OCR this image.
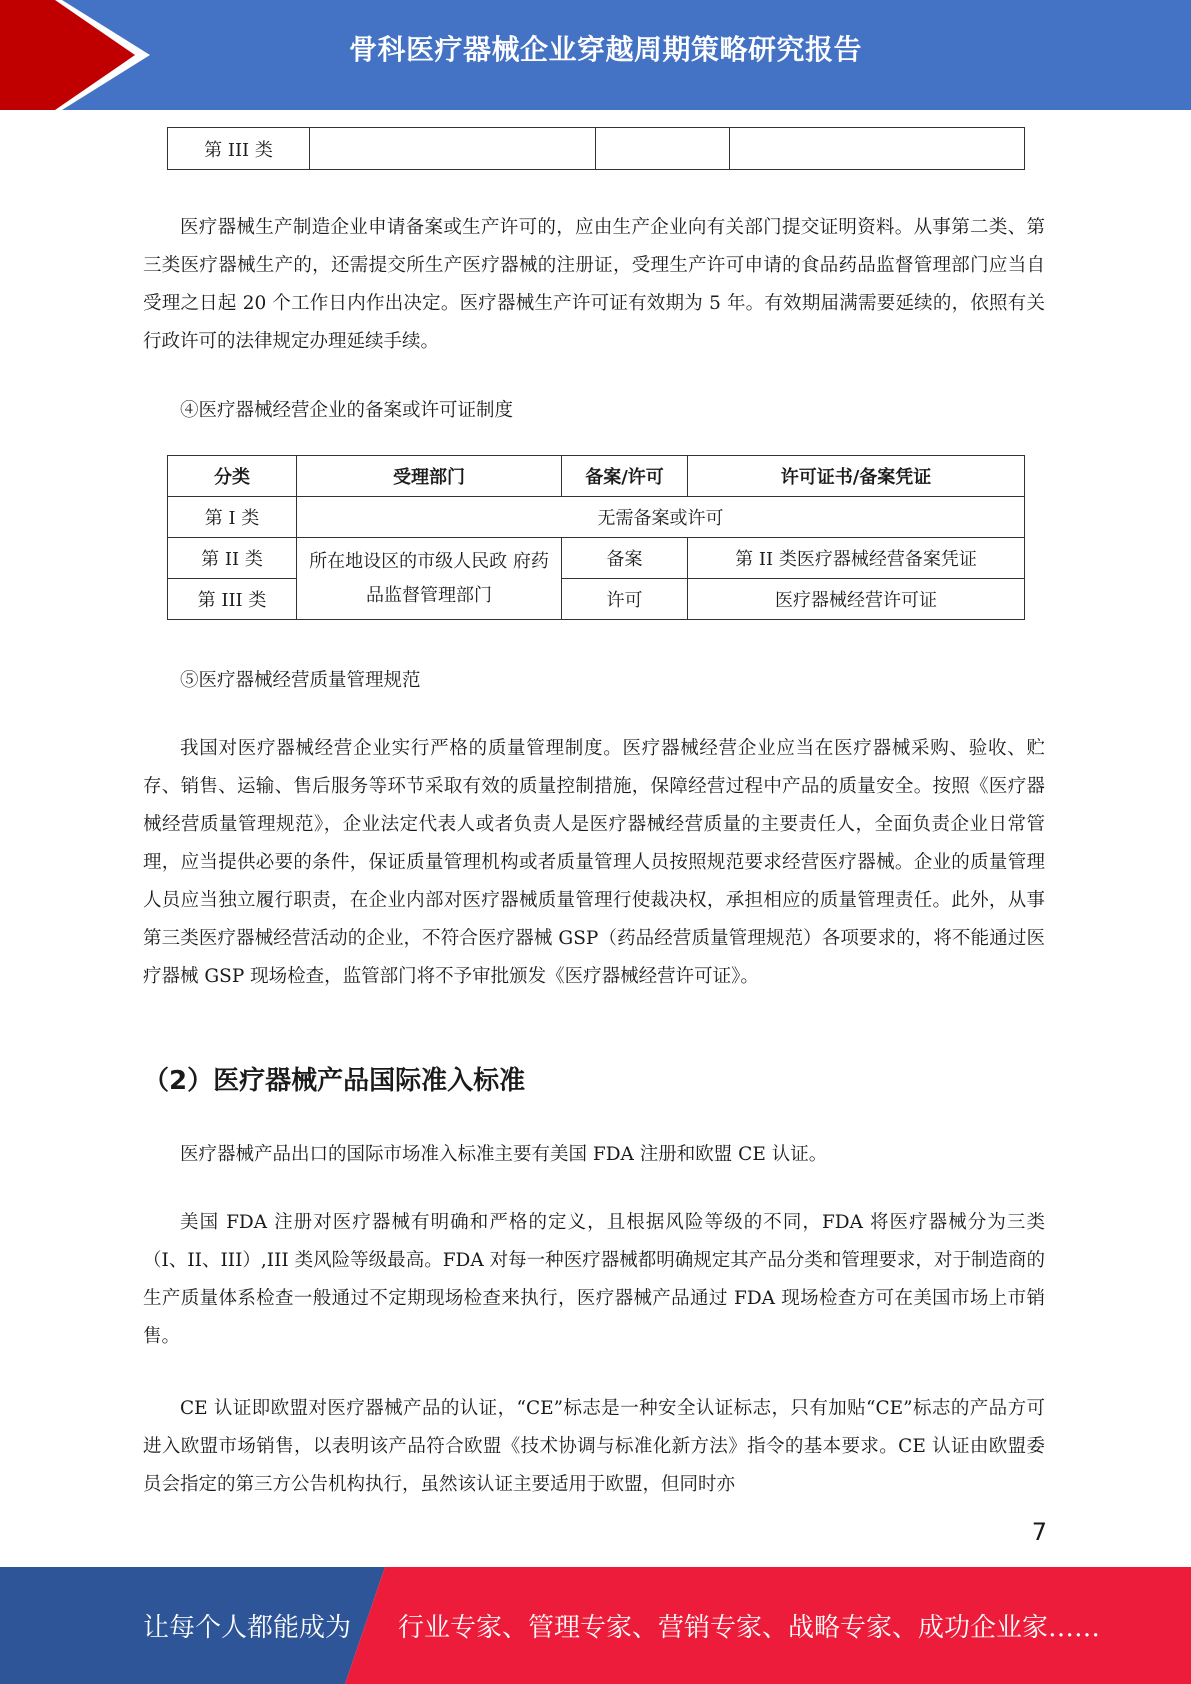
骨科医疗器械企业穿越周期策略研究报告
第 III 类			

医疗器械生产制造企业申请备案或生产许可的，应由生产企业向有关部门提交证明资料。从事第二类、第三类医疗器械生产的，还需提交所生产医疗器械的注册证，受理生产许可申请的食品药品监督管理部门应当自受理之日起 20 个工作日内作出决定。医疗器械生产许可证有效期为 5 年。有效期届满需要延续的，依照有关行政许可的法律规定办理延续手续。

④医疗器械经营企业的备案或许可证制度

分类	受理部门	备案/许可	许可证书/备案凭证
第 I 类	无需备案或许可		
第 II 类	所在地设区的市级人民政 府药品监督管理部门	备案	第 II 类医疗器械经营备案凭证
第 III 类		许可	医疗器械经营许可证

⑤医疗器械经营质量管理规范

我国对医疗器械经营企业实行严格的质量管理制度。医疗器械经营企业应当在医疗器械采购、验收、贮存、销售、运输、售后服务等环节采取有效的质量控制措施，保障经营过程中产品的质量安全。按照《医疗器械经营质量管理规范》，企业法定代表人或者负责人是医疗器械经营质量的主要责任人，全面负责企业日常管理，应当提供必要的条件，保证质量管理机构或者质量管理人员按照规范要求经营医疗器械。企业的质量管理人员应当独立履行职责，在企业内部对医疗器械质量管理行使裁决权，承担相应的质量管理责任。此外，从事第三类医疗器械经营活动的企业，不符合医疗器械 GSP（药品经营质量管理规范）各项要求的，将不能通过医疗器械 GSP 现场检查，监管部门将不予审批颁发《医疗器械经营许可证》。

（2）医疗器械产品国际准入标准

医疗器械产品出口的国际市场准入标准主要有美国 FDA 注册和欧盟 CE 认证。

美国 FDA 注册对医疗器械有明确和严格的定义，且根据风险等级的不同，FDA 将医疗器械分为三类（I、II、III）,III 类风险等级最高。FDA 对每一种医疗器械都明确规定其产品分类和管理要求，对于制造商的生产质量体系检查一般通过不定期现场检查来执行，医疗器械产品通过 FDA 现场检查方可在美国市场上市销售。

CE 认证即欧盟对医疗器械产品的认证，“CE”标志是一种安全认证标志，只有加贴“CE”标志的产品方可进入欧盟市场销售，以表明该产品符合欧盟《技术协调与标准化新方法》指令的基本要求。CE 认证由欧盟委员会指定的第三方公告机构执行，虽然该认证主要适用于欧盟，但同时亦

7
让每个人都能成为 行业专家、管理专家、营销专家、战略专家、成功企业家……
